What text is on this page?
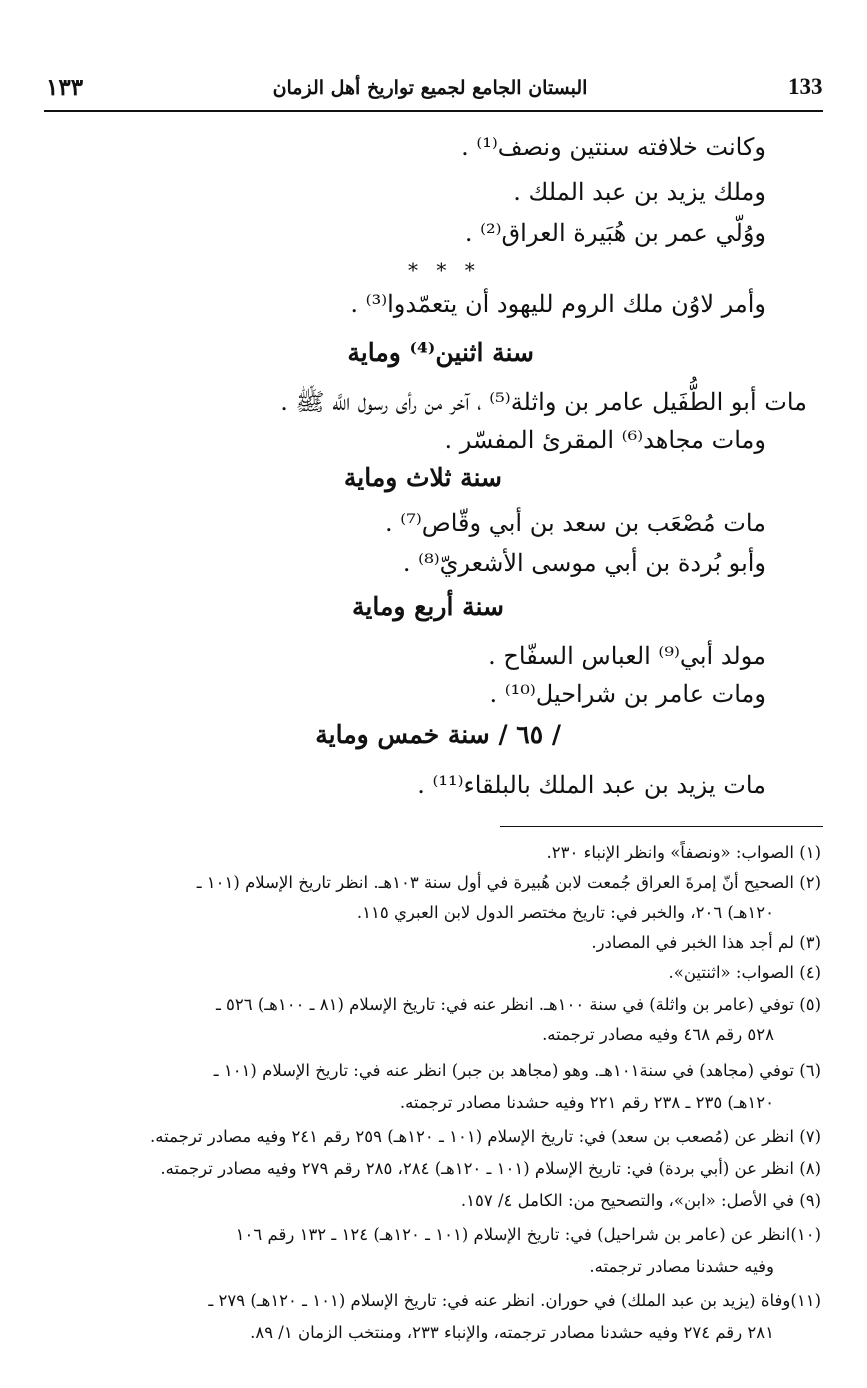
١٣٣	البستان الجامع لجميع تواريخ أهل الزمان	133
وكانت خلافته سنتين ونصف⁽¹⁾ .
وملك يزيد بن عبد الملك .
ووُلّي عمر بن هُبَيرة العراق⁽²⁾ .
* * *
وأمر لاوُن ملك الروم لليهود أن يتعمّدوا⁽³⁾ .
سنة اثنين⁽⁴⁾ ومایة
مات أبو الطُّفَيل عامر بن واثلة⁽⁵⁾ ، آخر من رأى رسول اللَّه ﷺ .
ومات مجاهد⁽⁶⁾ المقرئ المفسّر .
سنة ثلاث ومایة
مات مُصْعَب بن سعد بن أبي وقّاص⁽⁷⁾ .
وأبو بُردة بن أبي موسى الأشعريّ⁽⁸⁾ .
سنة أربع ومایة
مولد أبي⁽⁹⁾ العباس السفّاح .
ومات عامر بن شراحيل⁽¹⁰⁾ .
/ ٦٥ / سنة خمس ومایة
مات يزيد بن عبد الملك بالبلقاء⁽¹¹⁾ .
(١) الصواب: «ونصفاً» وانظر الإنباء ٢٣٠.
(٢) الصحيح أنّ إمرةَ العراق جُمعت لابن هُبيرة في أول سنة ١٠٣هـ. انظر تاريخ الإسلام (١٠١ ـ
١٢٠هـ) ٢٠٦، والخبر في: تاريخ مختصر الدول لابن العبري ١١٥.
(٣) لم أجد هذا الخبر في المصادر.
(٤) الصواب: «اثنتين».
(٥) توفي (عامر بن واثلة) في سنة ١٠٠هـ. انظر عنه في: تاريخ الإسلام (٨١ ـ ١٠٠هـ) ٥٢٦ ـ
٥٢٨ رقم ٤٦٨ وفيه مصادر ترجمته.
(٦) توفي (مجاهد) في سنة١٠١هـ. وهو (مجاهد بن جبر) انظر عنه في: تاريخ الإسلام (١٠١ ـ
١٢٠هـ) ٢٣٥ ـ ٢٣٨ رقم ٢٢١ وفيه حشدنا مصادر ترجمته.
(٧) انظر عن (مُصعب بن سعد) في: تاريخ الإسلام (١٠١ ـ ١٢٠هـ) ٢٥٩ رقم ٢٤١ وفيه مصادر ترجمته.
(٨) انظر عن (أبي بردة) في: تاريخ الإسلام (١٠١ ـ ١٢٠هـ) ٢٨٤، ٢٨٥ رقم ٢٧٩ وفيه مصادر ترجمته.
(٩) في الأصل: «ابن»، والتصحيح من: الكامل ٤/ ١٥٧.
(١٠)انظر عن (عامر بن شراحيل) في: تاريخ الإسلام (١٠١ ـ ١٢٠هـ) ١٢٤ ـ ١٣٢ رقم ١٠٦
وفيه حشدنا مصادر ترجمته.
(١١)وفاة (يزيد بن عبد الملك) في حوران. انظر عنه في: تاريخ الإسلام (١٠١ ـ ١٢٠هـ) ٢٧٩ ـ
٢٨١ رقم ٢٧٤ وفيه حشدنا مصادر ترجمته، والإنباء ٢٣٣، ومنتخب الزمان ١/ ٨٩.
